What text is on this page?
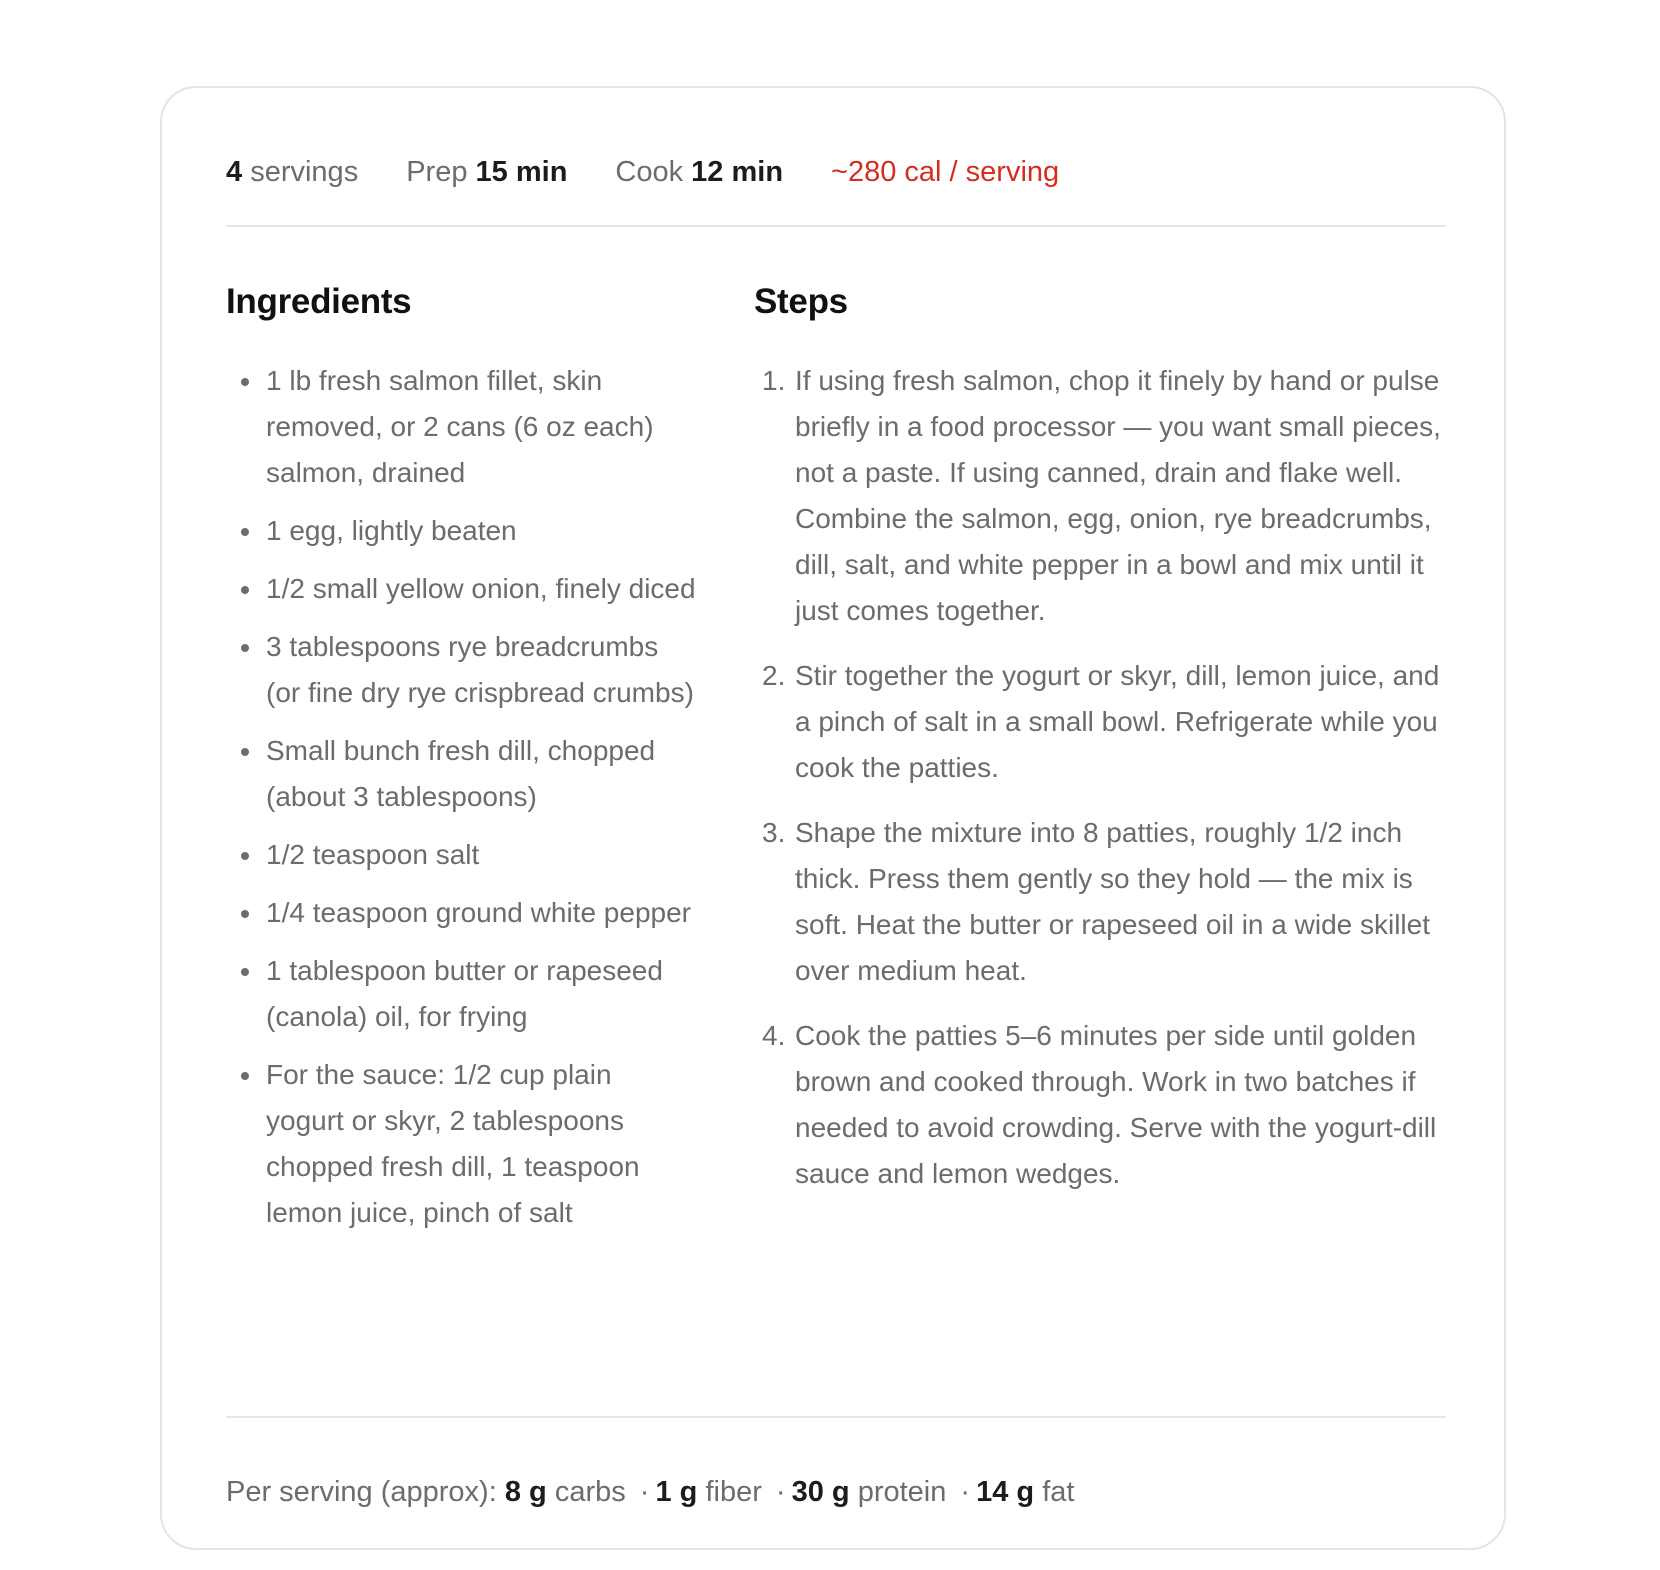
4 servings Prep 15 min Cook 12 min ~280 cal / serving
Ingredients
1 lb fresh salmon fillet, skin removed, or 2 cans (6 oz each) salmon, drained
1 egg, lightly beaten
1/2 small yellow onion, finely diced
3 tablespoons rye breadcrumbs (or fine dry rye crispbread crumbs)
Small bunch fresh dill, chopped (about 3 tablespoons)
1/2 teaspoon salt
1/4 teaspoon ground white pepper
1 tablespoon butter or rapeseed (canola) oil, for frying
For the sauce: 1/2 cup plain yogurt or skyr, 2 tablespoons chopped fresh dill, 1 teaspoon lemon juice, pinch of salt
Steps
1. If using fresh salmon, chop it finely by hand or pulse briefly in a food processor — you want small pieces, not a paste. If using canned, drain and flake well. Combine the salmon, egg, onion, rye breadcrumbs, dill, salt, and white pepper in a bowl and mix until it just comes together.
2. Stir together the yogurt or skyr, dill, lemon juice, and a pinch of salt in a small bowl. Refrigerate while you cook the patties.
3. Shape the mixture into 8 patties, roughly 1/2 inch thick. Press them gently so they hold — the mix is soft. Heat the butter or rapeseed oil in a wide skillet over medium heat.
4. Cook the patties 5–6 minutes per side until golden brown and cooked through. Work in two batches if needed to avoid crowding. Serve with the yogurt-dill sauce and lemon wedges.
Per serving (approx): 8 g carbs · 1 g fiber · 30 g protein · 14 g fat
